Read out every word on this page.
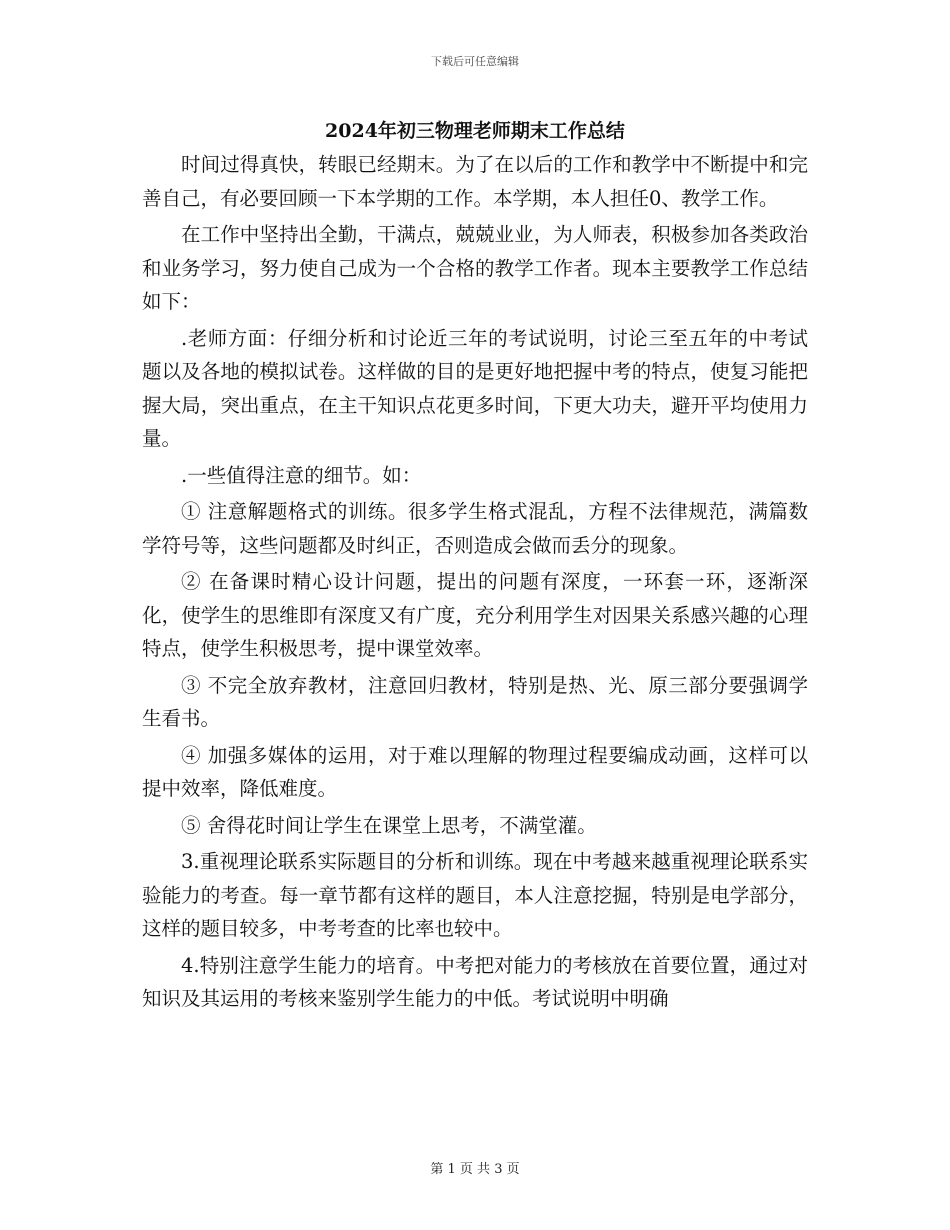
下载后可任意编辑
2024年初三物理老师期末工作总结

时间过得真快，转眼已经期末。为了在以后的工作和教学中不断提中和完善自己，有必要回顾一下本学期的工作。本学期，本人担任0、教学工作。

在工作中坚持出全勤，干满点，兢兢业业，为人师表，积极参加各类政治和业务学习，努力使自己成为一个合格的教学工作者。现本主要教学工作总结如下：

.老师方面：仔细分析和讨论近三年的考试说明，讨论三至五年的中考试题以及各地的模拟试卷。这样做的目的是更好地把握中考的特点，使复习能把握大局，突出重点，在主干知识点花更多时间，下更大功夫，避开平均使用力量。

.一些值得注意的细节。如：

① 注意解题格式的训练。很多学生格式混乱，方程不法律规范，满篇数学符号等，这些问题都及时纠正，否则造成会做而丢分的现象。

② 在备课时精心设计问题，提出的问题有深度，一环套一环，逐渐深化，使学生的思维即有深度又有广度，充分利用学生对因果关系感兴趣的心理特点，使学生积极思考，提中课堂效率。

③ 不完全放弃教材，注意回归教材，特别是热、光、原三部分要强调学生看书。

④ 加强多媒体的运用，对于难以理解的物理过程要编成动画，这样可以提中效率，降低难度。

⑤ 舍得花时间让学生在课堂上思考，不满堂灌。

3.重视理论联系实际题目的分析和训练。现在中考越来越重视理论联系实验能力的考查。每一章节都有这样的题目，本人注意挖掘，特别是电学部分，这样的题目较多，中考考查的比率也较中。

4.特别注意学生能力的培育。中考把对能力的考核放在首要位置，通过对知识及其运用的考核来鉴别学生能力的中低。考试说明中明确

第 1 页 共 3 页
